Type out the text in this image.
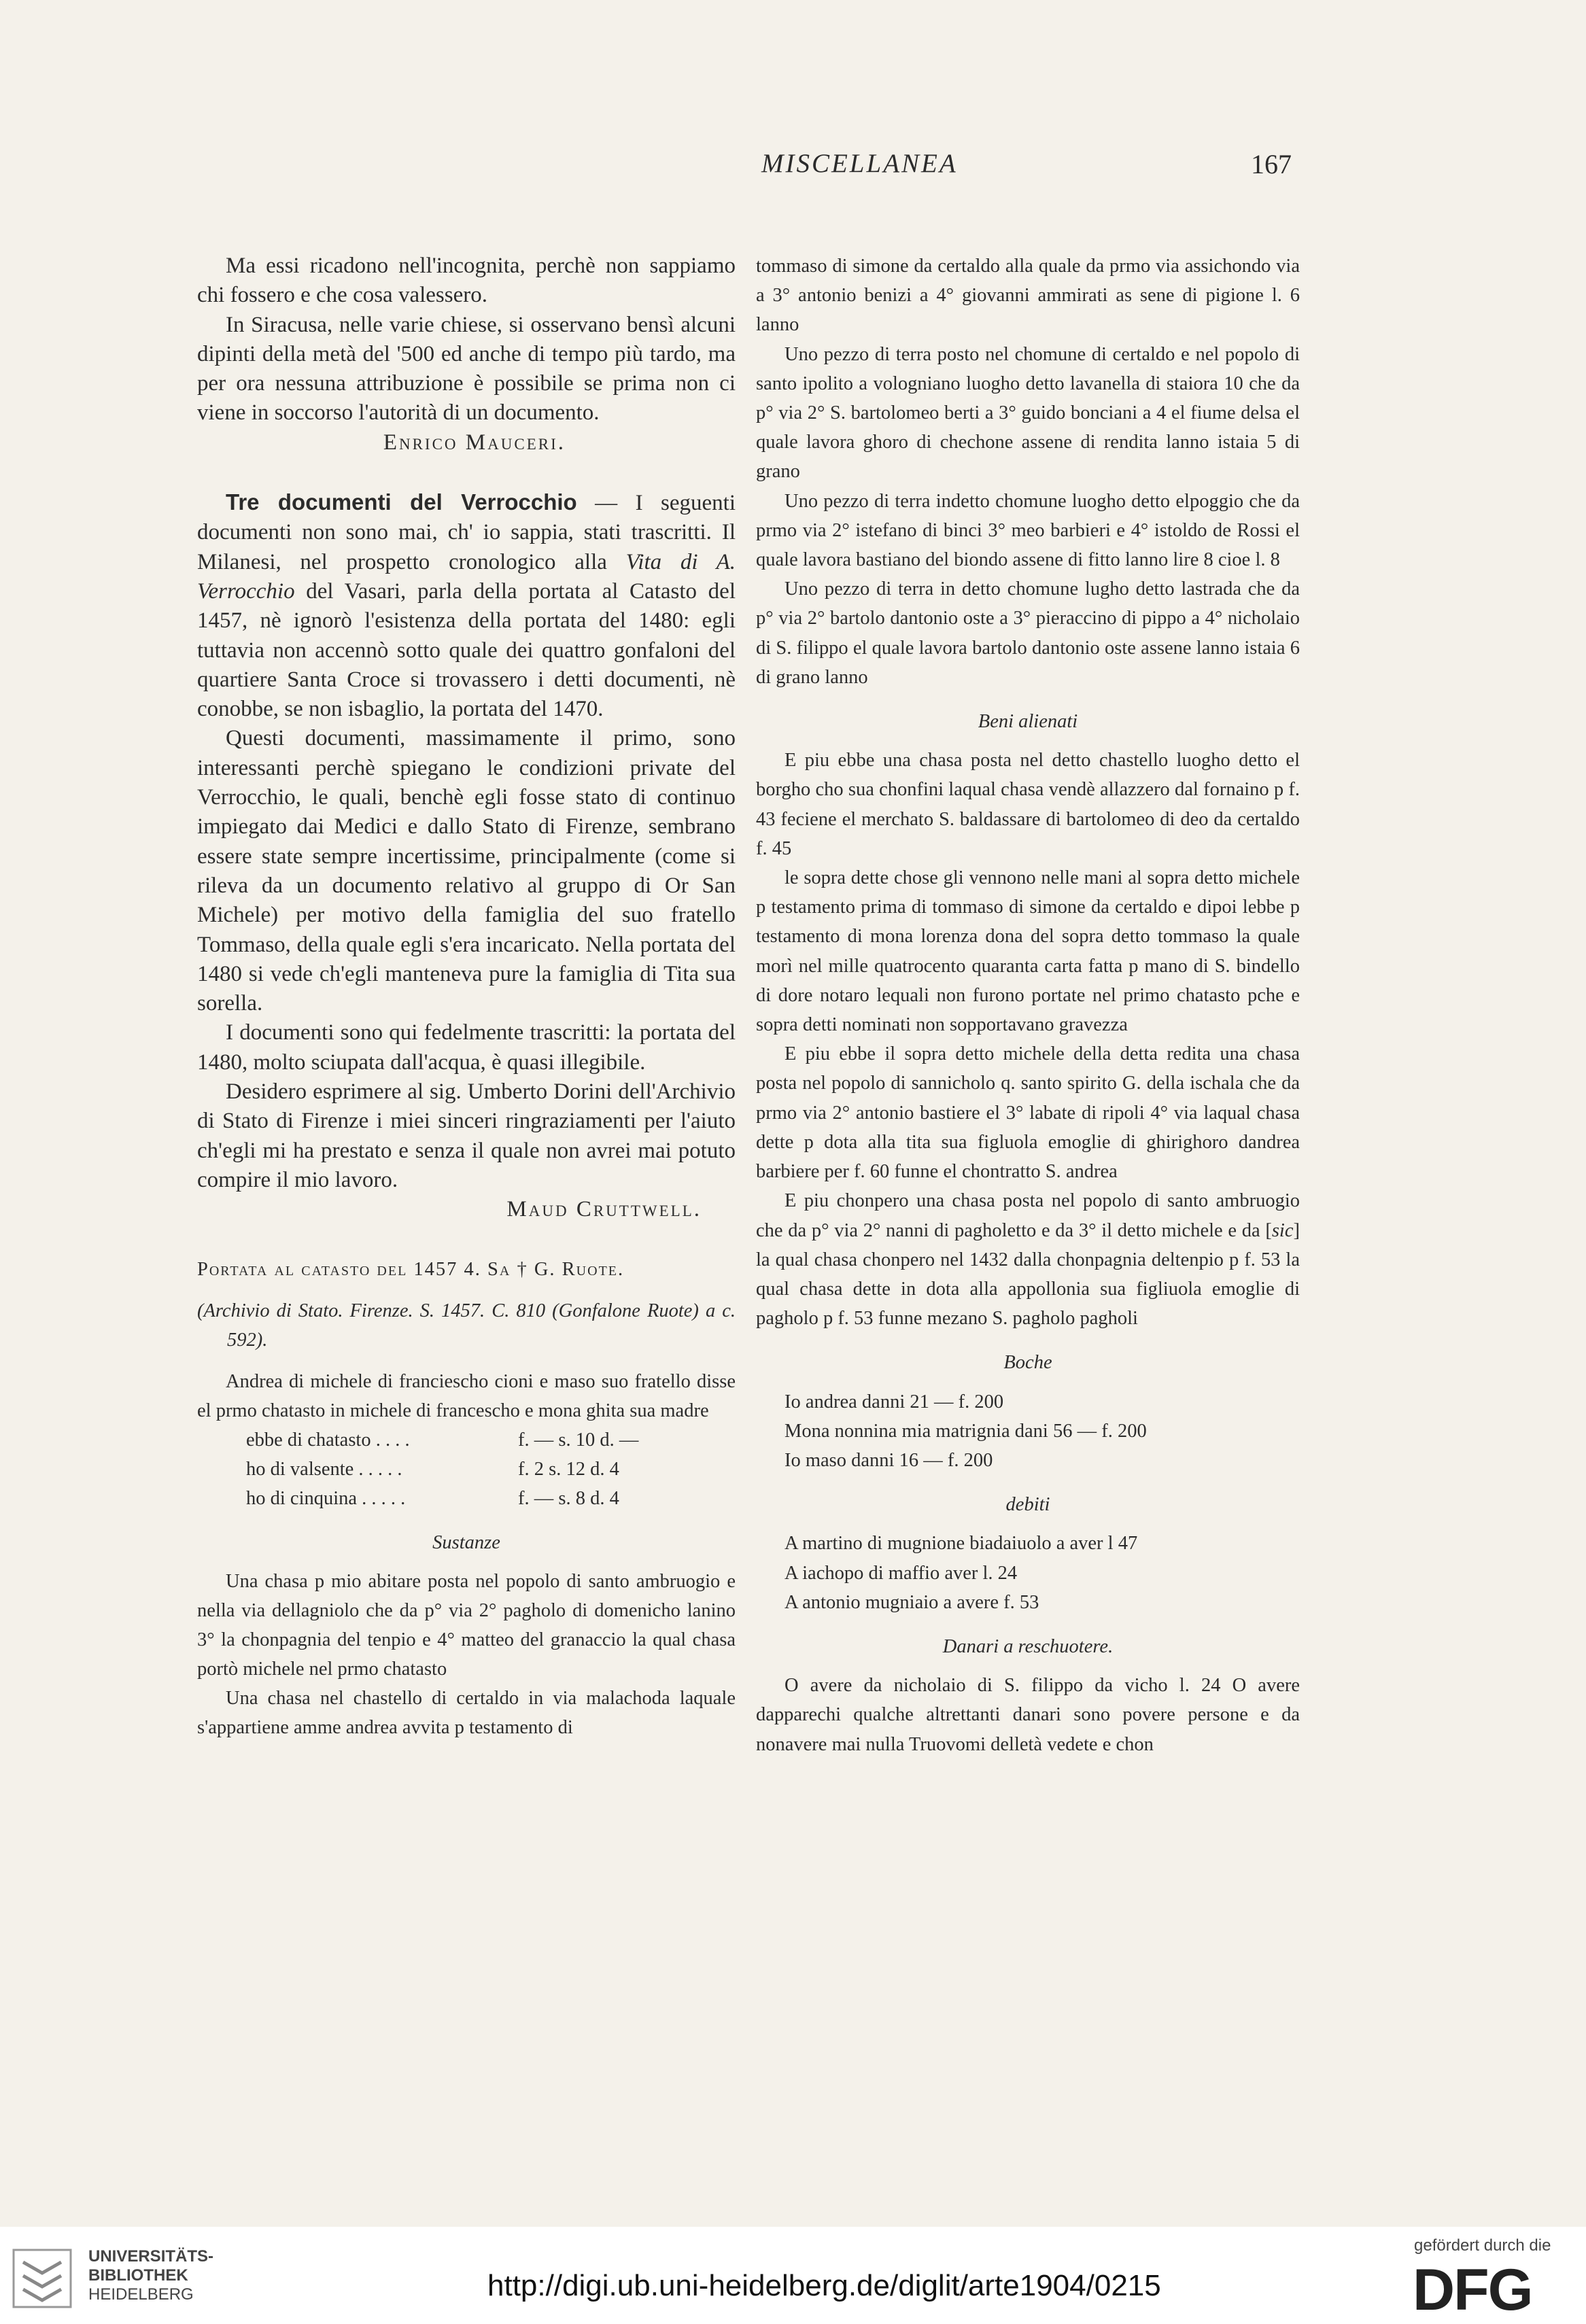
MISCELLANEA	167

Ma essi ricadono nell'incognita, perchè non sappiamo chi fossero e che cosa valessero.

In Siracusa, nelle varie chiese, si osservano bensì alcuni dipinti della metà del '500 ed anche di tempo più tardo, ma per ora nessuna attribuzione è possibile se prima non ci viene in soccorso l'autorità di un documento.

Enrico Mauceri.

Tre documenti del Verrocchio — I seguenti documenti non sono mai, ch' io sappia, stati trascritti. Il Milanesi, nel prospetto cronologico alla Vita di A. Verrocchio del Vasari, parla della portata al Catasto del 1457, nè ignorò l'esistenza della portata del 1480: egli tuttavia non accennò sotto quale dei quattro gonfaloni del quartiere Santa Croce si trovassero i detti documenti, nè conobbe, se non isbaglio, la portata del 1470.

Questi documenti, massimamente il primo, sono interessanti perchè spiegano le condizioni private del Verrocchio, le quali, benchè egli fosse stato di continuo impiegato dai Medici e dallo Stato di Firenze, sembrano essere state sempre incertissime, principalmente (come si rileva da un documento relativo al gruppo di Or San Michele) per motivo della famiglia del suo fratello Tommaso, della quale egli s'era incaricato. Nella portata del 1480 si vede ch'egli manteneva pure la famiglia di Tita sua sorella.

I documenti sono qui fedelmente trascritti: la portata del 1480, molto sciupata dall'acqua, è quasi illegibile.

Desidero esprimere al sig. Umberto Dorini dell'Archivio di Stato di Firenze i miei sinceri ringraziamenti per l'aiuto ch'egli mi ha prestato e senza il quale non avrei mai potuto compire il mio lavoro.

Maud Cruttwell.

Portata al catasto del 1457 4. Sa † G. Ruote.

(Archivio di Stato. Firenze. S. 1457. C. 810 (Gonfalone Ruote) a c. 592).

Andrea di michele di franciescho cioni e maso suo fratello disse el prmo chatasto in michele di francescho e mona ghita sua madre

ebbe di chatasto . . . .	f. — s. 10 d. —
ho di valsente . . . . .	f. 2 s. 12 d. 4
ho di cinquina . . . . .	f. — s. 8 d. 4

Sustanze

Una chasa p mio abitare posta nel popolo di santo ambruogio e nella via dellagniolo che da p° via 2° pagholo di domenicho lanino 3° la chonpagnia del tenpio e 4° matteo del granaccio la qual chasa portò michele nel prmo chatasto

Una chasa nel chastello di certaldo in via malachoda laquale s'appartiene amme andrea avvita p testamento di

tommaso di simone da certaldo alla quale da prmo via assichondo via a 3° antonio benizi a 4° giovanni ammirati as sene di pigione l. 6 lanno

Uno pezzo di terra posto nel chomune di certaldo e nel popolo di santo ipolito a vologniano luogho detto lavanella di staiora 10 che da p° via 2° S. bartolomeo berti a 3° guido bonciani a 4 el fiume delsa el quale lavora ghoro di chechone assene di rendita lanno istaia 5 di grano

Uno pezzo di terra indetto chomune luogho detto elpoggio che da prmo via 2° istefano di binci 3° meo barbieri e 4° istoldo de Rossi el quale lavora bastiano del biondo assene di fitto lanno lire 8 cioe l. 8

Uno pezzo di terra in detto chomune lugho detto lastrada che da p° via 2° bartolo dantonio oste a 3° pieraccino di pippo a 4° nicholaio di S. filippo el quale lavora bartolo dantonio oste assene lanno istaia 6 di grano lanno

Beni alienati

E piu ebbe una chasa posta nel detto chastello luogho detto el borgho cho sua chonfini laqual chasa vendè allazzero dal fornaino p f. 43 feciene el merchato S. baldassare di bartolomeo di deo da certaldo f. 45

le sopra dette chose gli vennono nelle mani al sopra detto michele p testamento prima di tommaso di simone da certaldo e dipoi lebbe p testamento di mona lorenza dona del sopra detto tommaso la quale morì nel mille quatrocento quaranta carta fatta p mano di S. bindello di dore notaro lequali non furono portate nel primo chatasto pche e sopra detti nominati non sopportavano gravezza

E piu ebbe il sopra detto michele della detta redita una chasa posta nel popolo di sannicholo q. santo spirito G. della ischala che da prmo via 2° antonio bastiere el 3° labate di ripoli 4° via laqual chasa dette p dota alla tita sua figluola emoglie di ghirighoro dandrea barbiere per f. 60 funne el chontratto S. andrea

E piu chonpero una chasa posta nel popolo di santo ambruogio che da p° via 2° nanni di pagholetto e da 3° il detto michele e da [sic] la qual chasa chonpero nel 1432 dalla chonpagnia deltenpio p f. 53 la qual chasa dette in dota alla appollonia sua figliuola emoglie di pagholo p f. 53 funne mezano S. pagholo pagholi

Boche

Io andrea danni 21 — f. 200

Mona nonnina mia matrignia dani 56 — f. 200

Io maso danni 16 — f. 200

debiti

A martino di mugnione biadaiuolo a aver l 47

A iachopo di maffio aver l. 24

A antonio mugniaio a avere f. 53

Danari a reschuotere.

O avere da nicholaio di S. filippo da vicho l. 24 O avere dapparechi qualche altrettanti danari sono povere persone e da nonavere mai nulla Truovomi delletà vedete e chon

UNIVERSITÄTS-
BIBLIOTHEK
HEIDELBERG	http://digi.ub.uni-heidelberg.de/diglit/arte1904/0215
gefördert durch die
DFG
